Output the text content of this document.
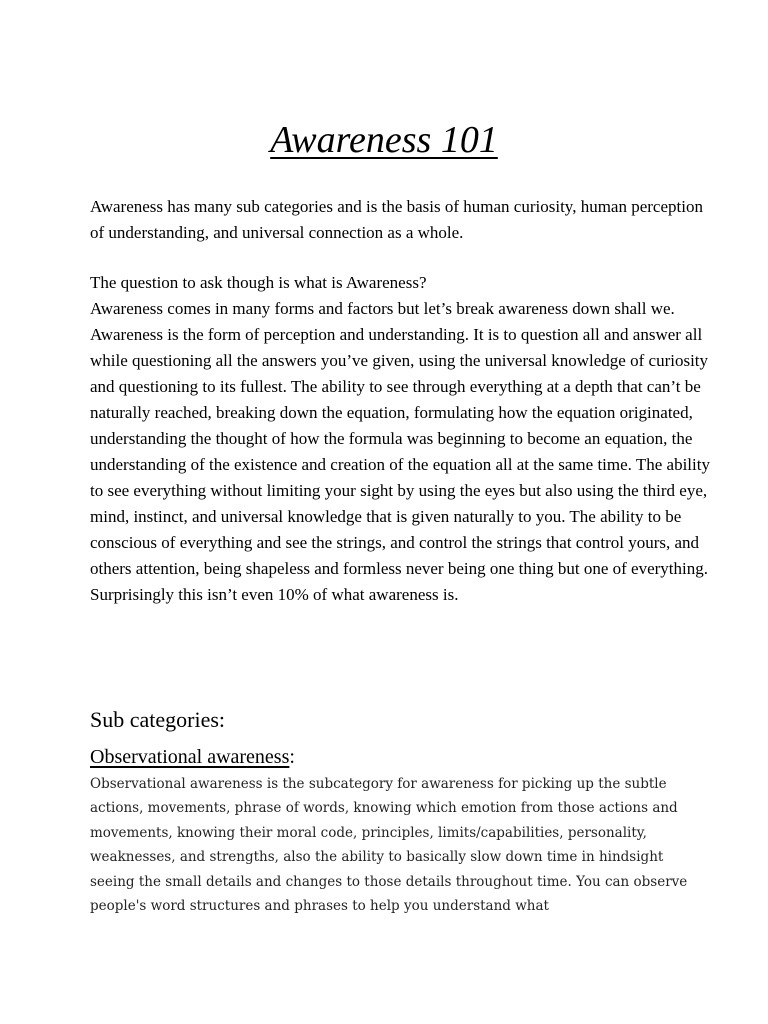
Awareness 101

Awareness has many sub categories and is the basis of human curiosity, human perception of understanding, and universal connection as a whole.

The question to ask though is what is Awareness?
Awareness comes in many forms and factors but let’s break awareness down shall we. Awareness is the form of perception and understanding. It is to question all and answer all while questioning all the answers you’ve given, using the universal knowledge of curiosity and questioning to its fullest. The ability to see through everything at a depth that can’t be naturally reached, breaking down the equation, formulating how the equation originated, understanding the thought of how the formula was beginning to become an equation, the understanding of the existence and creation of the equation all at the same time. The ability to see everything without limiting your sight by using the eyes but also using the third eye, mind, instinct, and universal knowledge that is given naturally to you. The ability to be conscious of everything and see the strings, and control the strings that control yours, and others attention, being shapeless and formless never being one thing but one of everything. Surprisingly this isn’t even 10% of what awareness is.

Sub categories:
Observational awareness:

Observational awareness is the subcategory for awareness for picking up the subtle actions, movements, phrase of words, knowing which emotion from those actions and movements, knowing their moral code, principles, limits/capabilities, personality, weaknesses, and strengths, also the ability to basically slow down time in hindsight seeing the small details and changes to those details throughout time. You can observe people's word structures and phrases to help you understand what
